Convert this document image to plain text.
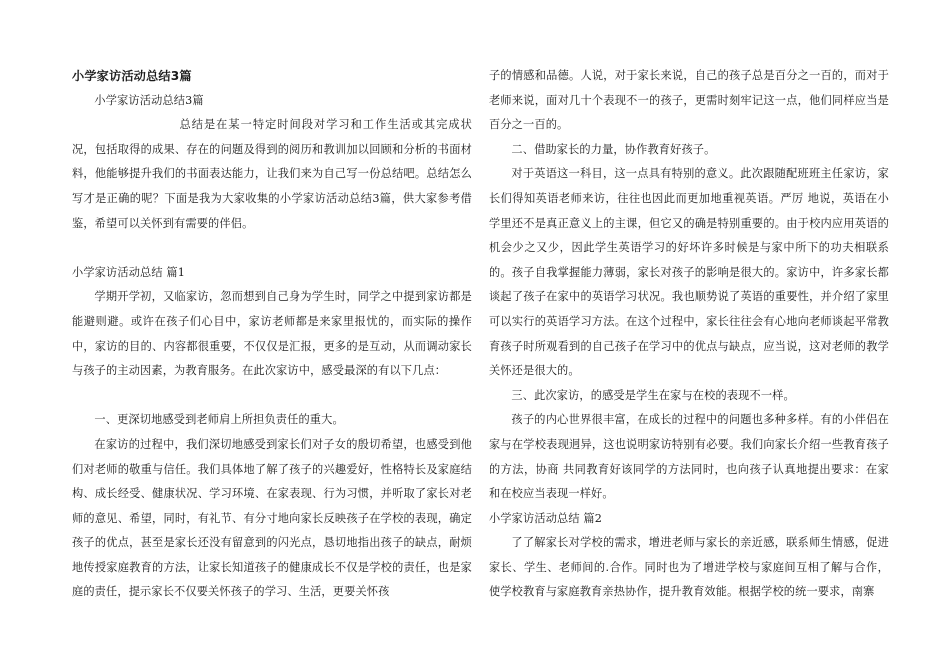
小学家访活动总结3篇

小学家访活动总结3篇

总结是在某一特定时间段对学习和工作生活或其完成状况，包括取得的成果、存在的问题及得到的阅历和教训加以回顾和分析的书面材料，他能够提升我们的书面表达能力，让我们来为自己写一份总结吧。总结怎么写才是正确的呢？下面是我为大家收集的小学家访活动总结3篇，供大家参考借鉴，希望可以关怀到有需要的伴侣。

小学家访活动总结 篇1

学期开学初，又临家访，忽而想到自己身为学生时，同学之中提到家访都是能避则避。或许在孩子们心目中，家访老师都是来家里报忧的，而实际的操作中，家访的目的、内容都很重要，不仅仅是汇报，更多的是互动，从而调动家长与孩子的主动因素，为教育服务。在此次家访中，感受最深的有以下几点：

一、更深切地感受到老师肩上所担负责任的重大。

在家访的过程中，我们深切地感受到家长们对子女的殷切希望，也感受到他们对老师的敬重与信任。我们具体地了解了孩子的兴趣爱好，性格特长及家庭结构、成长经受、健康状况、学习环境、在家表现、行为习惯，并听取了家长对老师的意见、希望，同时，有礼节、有分寸地向家长反映孩子在学校的表现，确定孩子的优点，甚至是家长还没有留意到的闪光点，恳切地指出孩子的缺点，耐烦地传授家庭教育的方法，让家长知道孩子的健康成长不仅是学校的责任，也是家庭的责任，提示家长不仅要关怀孩子的学习、生活，更要关怀孩

子的情感和品德。人说，对于家长来说，自己的孩子总是百分之一百的，而对于老师来说，面对几十个表现不一的孩子，更需时刻牢记这一点，他们同样应当是百分之一百的。

二、借助家长的力量，协作教育好孩子。

对于英语这一科目，这一点具有特别的意义。此次跟随配班班主任家访，家长们得知英语老师来访，往往也因此而更加地重视英语。严厉 地说，英语在小学里还不是真正意义上的主课，但它又的确是特别重要的。由于校内应用英语的机会少之又少，因此学生英语学习的好坏许多时候是与家中所下的功夫相联系的。孩子自我掌握能力薄弱，家长对孩子的影响是很大的。家访中，许多家长都谈起了孩子在家中的英语学习状况。我也顺势说了英语的重要性，并介绍了家里可以实行的英语学习方法。在这个过程中，家长往往会有心地向老师谈起平常教育孩子时所观看到的自己孩子在学习中的优点与缺点，应当说，这对老师的教学关怀还是很大的。

三、此次家访，的感受是学生在家与在校的表现不一样。

孩子的内心世界很丰富，在成长的过程中的问题也多种多样。有的小伴侣在家与在学校表现迥异，这也说明家访特别有必要。我们向家长介绍一些教育孩子的方法，协商 共同教育好该同学的方法同时，也向孩子认真地提出要求：在家和在校应当表现一样好。

小学家访活动总结 篇2

了了解家长对学校的需求，增进老师与家长的亲近感，联系师生情感，促进家长、学生、老师间的.合作。同时也为了增进学校与家庭间互相了解与合作，使学校教育与家庭教育亲热协作，提升教育效能。根据学校的统一要求，南寨
